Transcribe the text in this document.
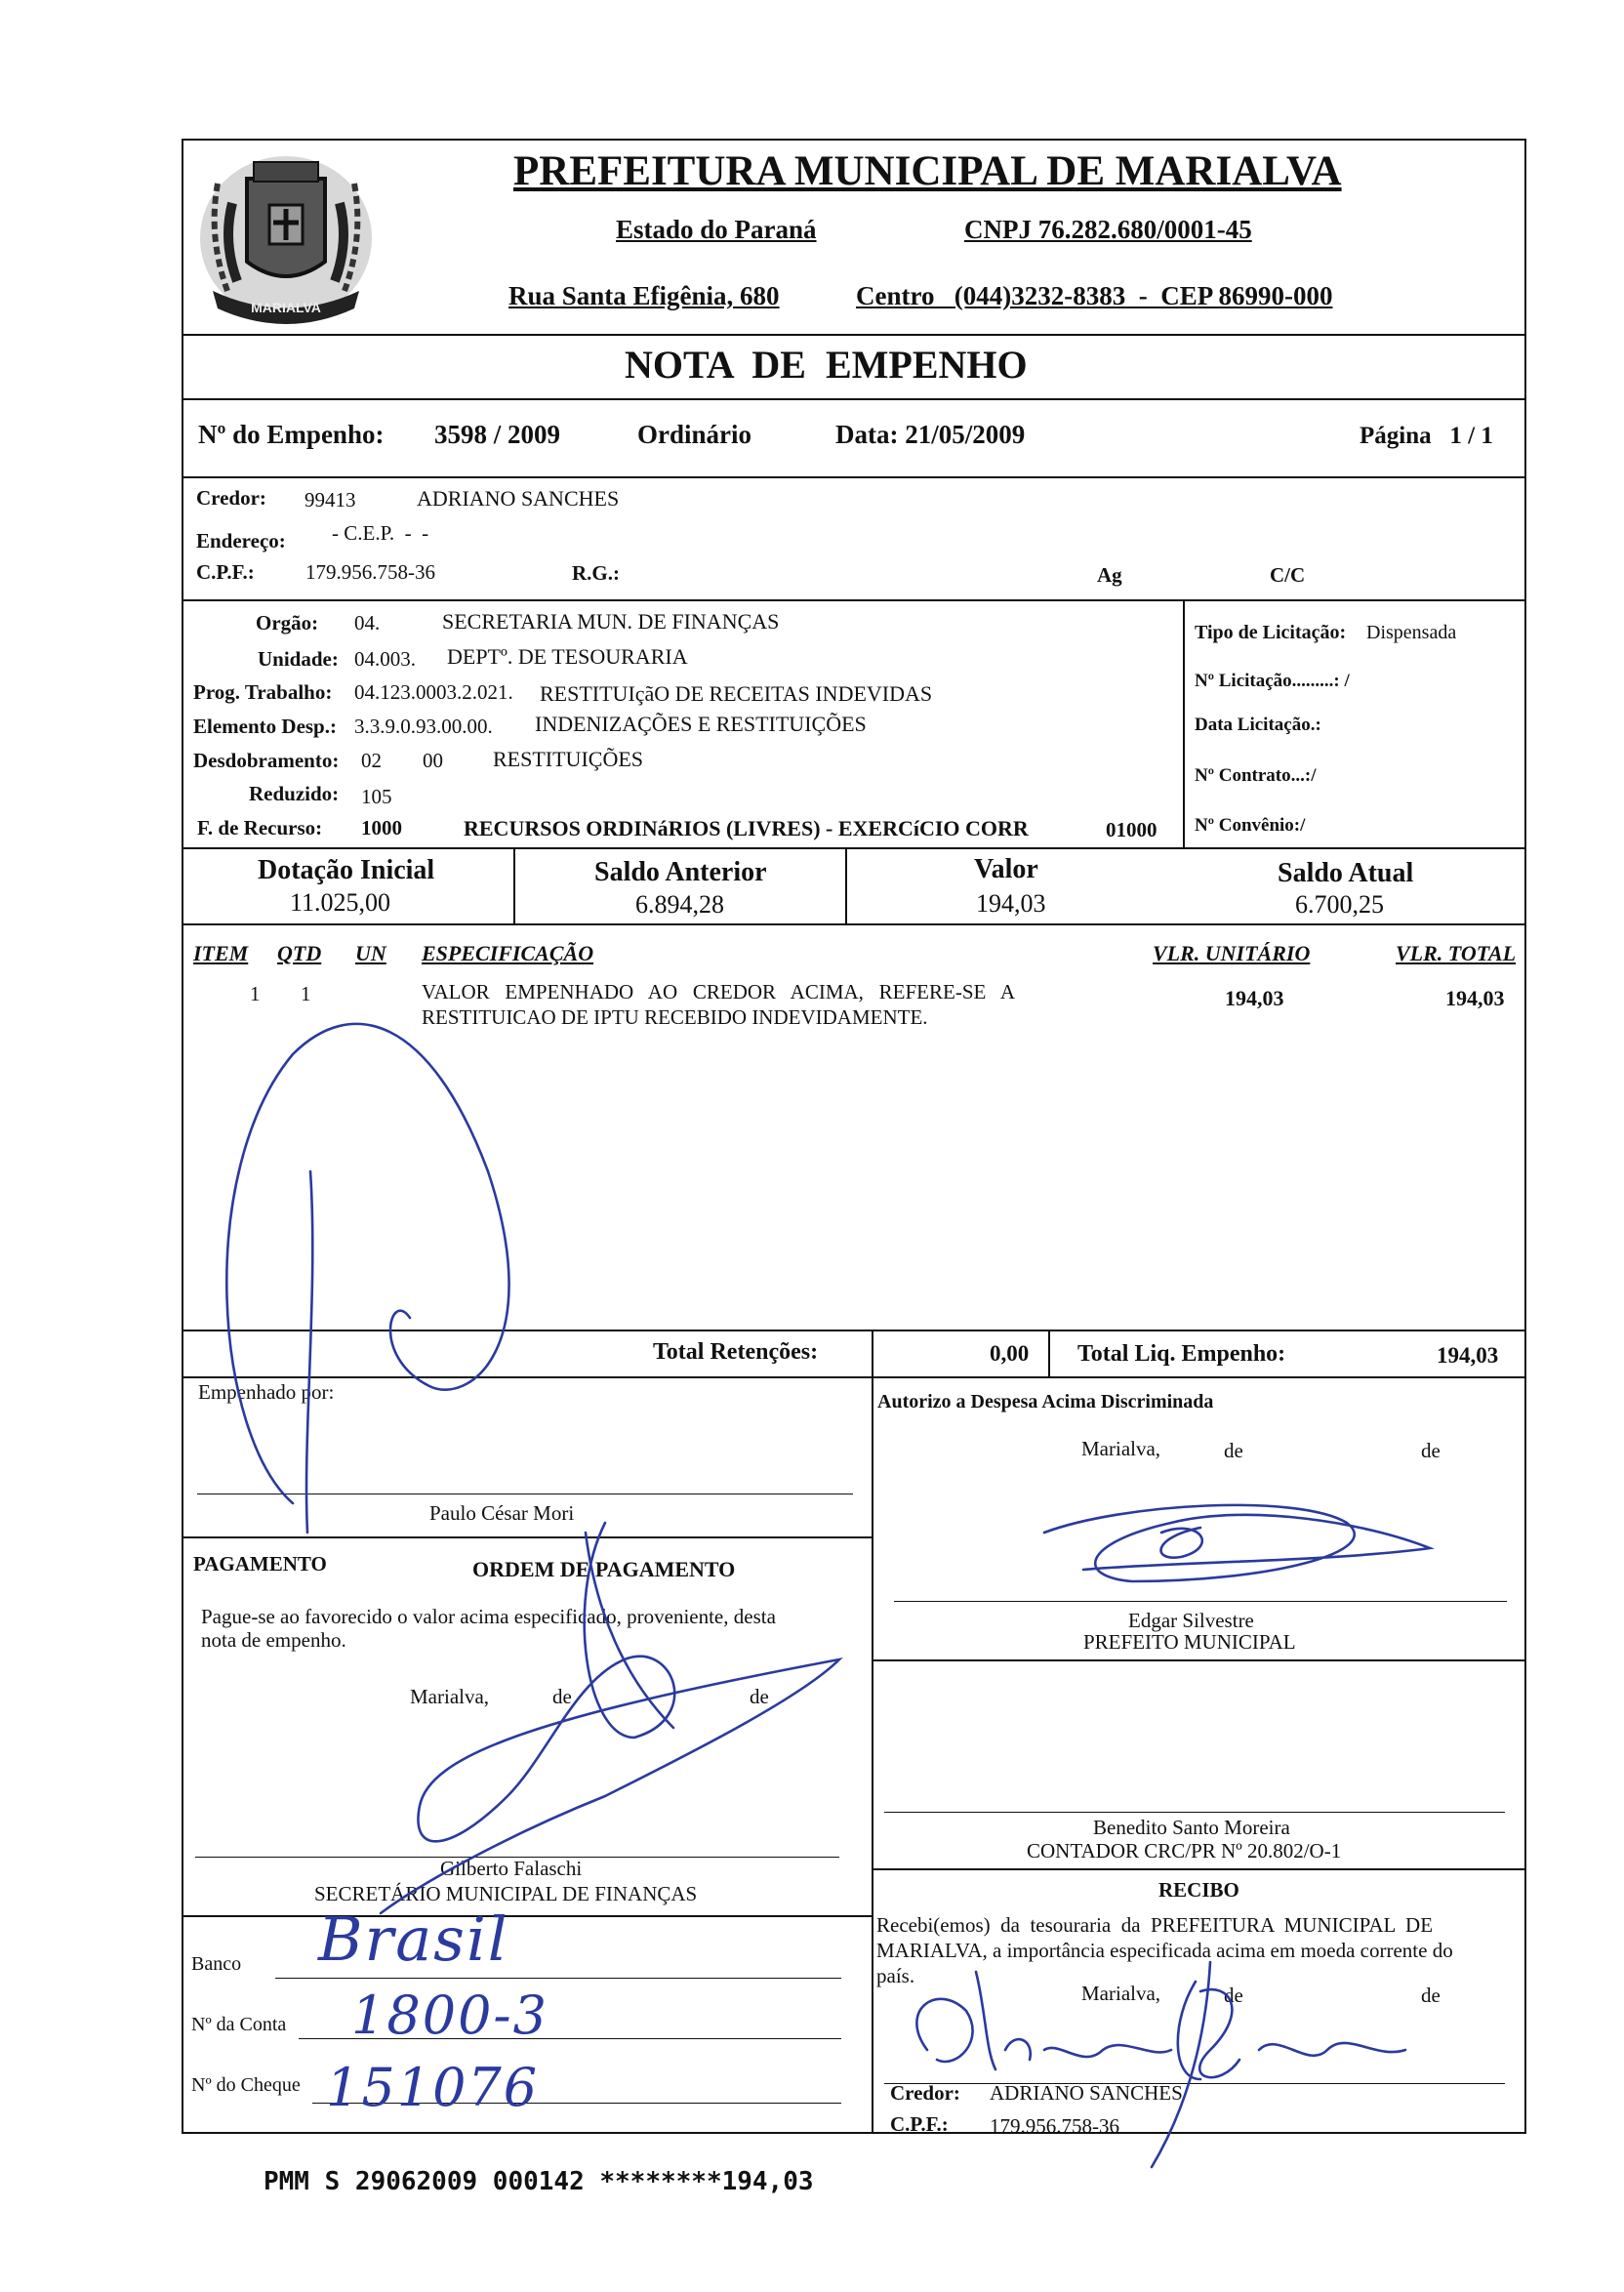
MARIALVA
PREFEITURA MUNICIPAL DE MARIALVA
Estado do Paraná	CNPJ 76.282.680/0001-45
Rua Santa Efigênia, 680	Centro   (044)3232-8383  -  CEP 86990-000
NOTA  DE  EMPENHO
Nº do Empenho: 3598 / 2009	Ordinário	Data: 21/05/2009	Página   1 / 1
Credor: 99413	ADRIANO SANCHES
Endereço: - C.E.P.  -  -
C.P.F.: 179.956.758-36	R.G.:	Ag	C/C
Orgão: 04.	SECRETARIA MUN. DE FINANÇAS
Unidade: 04.003. DEPTº. DE TESOURARIA
Prog. Trabalho: 04.123.0003.2.021. RESTITUIçãO DE RECEITAS INDEVIDAS
Elemento Desp.: 3.3.9.0.93.00.00. INDENIZAÇÕES E RESTITUIÇÕES
Desdobramento: 02 00 RESTITUIÇÕES
Reduzido: 105
F. de Recurso: 1000	RECURSOS ORDINáRIOS (LIVRES) - EXERCíCIO CORR	01000
Tipo de Licitação: Dispensada
Nº Licitação.........: /
Data Licitação.:
Nº Contrato...:/
Nº Convênio:/
Dotação Inicial
11.025,00
Saldo Anterior
6.894,28
Valor
194,03
Saldo Atual
6.700,25
ITEM QTD UN ESPECIFICAÇÃO	VLR. UNITÁRIO	VLR. TOTAL
1 1	VALOR   EMPENHADO   AO   CREDOR   ACIMA,   REFERE-SE   A
RESTITUICAO DE IPTU RECEBIDO INDEVIDAMENTE.
194,03	194,03
Total Retenções:	0,00 Total Liq. Empenho:	194,03
Empenhado por:
Paulo César Mori
Autorizo a Despesa Acima Discriminada
Marialva,	de	de
Edgar Silvestre
PREFEITO MUNICIPAL
PAGAMENTO	ORDEM DE PAGAMENTO
Pague-se ao favorecido o valor acima especificado, proveniente, desta
nota de empenho.
Marialva,	de	de
Gilberto Falaschi
SECRETÁRIO MUNICIPAL DE FINANÇAS
Benedito Santo Moreira
CONTADOR CRC/PR Nº 20.802/O-1
Banco
Nº da Conta
Nº do Cheque
Brasil
1800-3
151076
RECIBO
Recebi(emos)  da  tesouraria  da  PREFEITURA  MUNICIPAL  DE
MARIALVA, a importância especificada acima em moeda corrente do
país.
Marialva,	de	de
Credor: ADRIANO SANCHES
C.P.F.: 179.956.758-36
PMM S 29062009 000142 ********194,03
